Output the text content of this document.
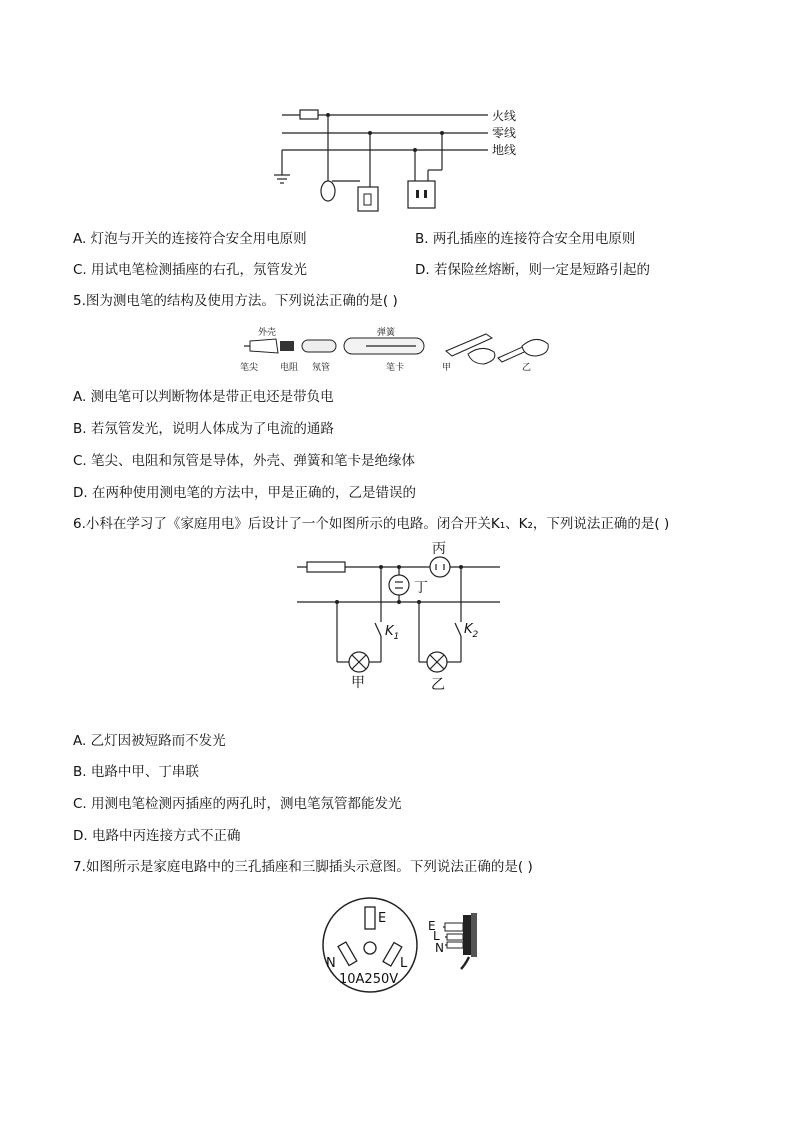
火线
零线
地线
A. 灯泡与开关的连接符合安全用电原则	B. 两孔插座的连接符合安全用电原则
C. 用试电笔检测插座的右孔，氖管发光	D. 若保险丝熔断，则一定是短路引起的
5.图为测电笔的结构及使用方法。下列说法正确的是( )
外壳	弹簧
笔尖 电阻 氖管	笔卡	甲	乙
A. 测电笔可以判断物体是带正电还是带负电
B. 若氖管发光，说明人体成为了电流的通路
C. 笔尖、电阻和氖管是导体，外壳、弹簧和笔卡是绝缘体
D. 在两种使用测电笔的方法中，甲是正确的，乙是错误的
6.小科在学习了《家庭用电》后设计了一个如图所示的电路。闭合开关K₁、K₂，下列说法正确的是( )
丙
丁
$K_1$
甲
$K_2$
乙
A. 乙灯因被短路而不发光
B. 电路中甲、丁串联
C. 用测电笔检测丙插座的两孔时，测电笔氖管都能发光
D. 电路中丙连接方式不正确
7.如图所示是家庭电路中的三孔插座和三脚插头示意图。下列说法正确的是( )
E
N	L
10A250V
E
L
N
